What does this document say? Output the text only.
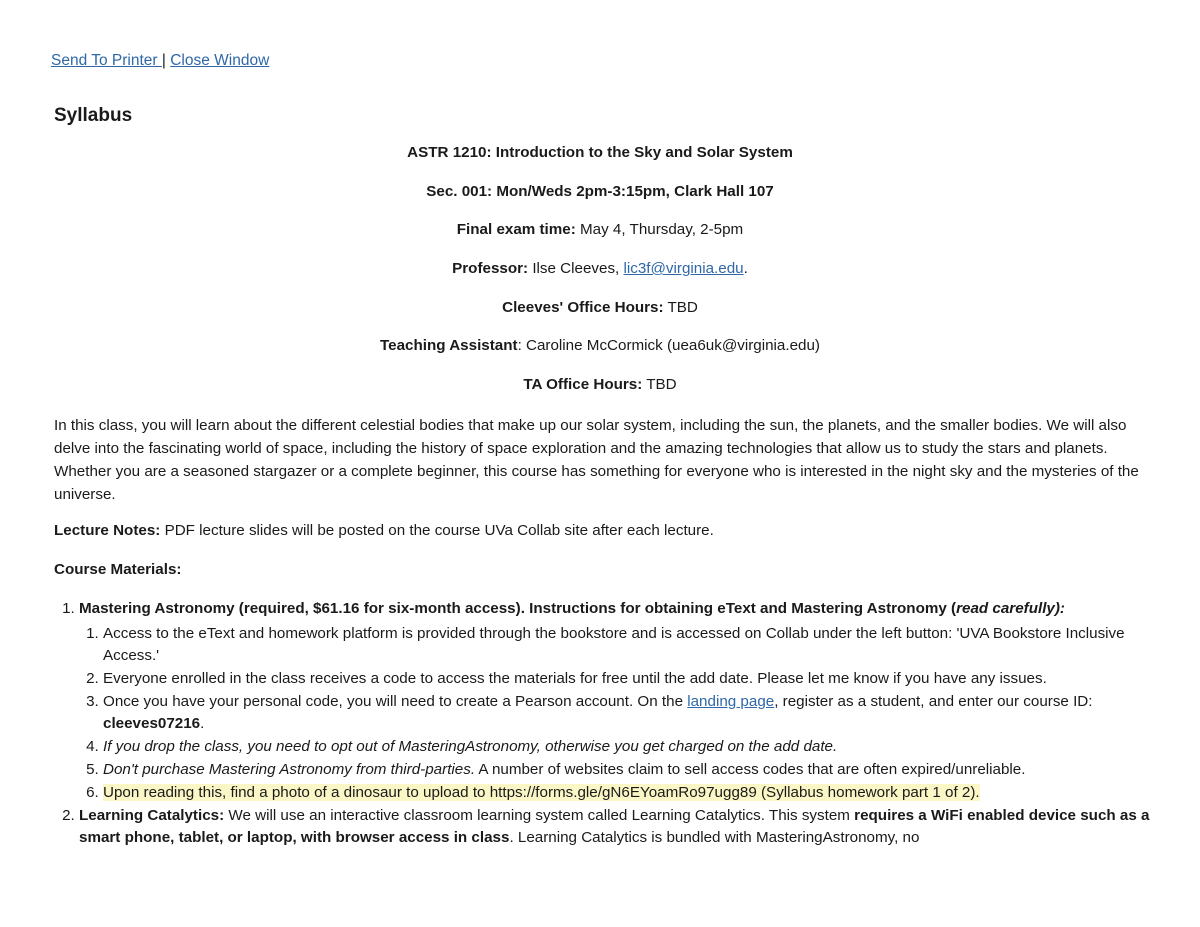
Send To Printer | Close Window
Syllabus

ASTR 1210: Introduction to the Sky and Solar System

Sec. 001: Mon/Weds 2pm-3:15pm, Clark Hall 107

Final exam time: May 4, Thursday, 2-5pm

Professor: Ilse Cleeves, lic3f@virginia.edu.

Cleeves' Office Hours: TBD

Teaching Assistant: Caroline McCormick (uea6uk@virginia.edu)

TA Office Hours: TBD

In this class, you will learn about the different celestial bodies that make up our solar system, including the sun, the planets, and the smaller bodies. We will also delve into the fascinating world of space, including the history of space exploration and the amazing technologies that allow us to study the stars and planets. Whether you are a seasoned stargazer or a complete beginner, this course has something for everyone who is interested in the night sky and the mysteries of the universe.

Lecture Notes: PDF lecture slides will be posted on the course UVa Collab site after each lecture.

Course Materials:

1. Mastering Astronomy (required, $61.16 for six-month access). Instructions for obtaining eText and Mastering Astronomy (read carefully):
1. Access to the eText and homework platform is provided through the bookstore and is accessed on Collab under the left button: 'UVA Bookstore Inclusive Access.'
2. Everyone enrolled in the class receives a code to access the materials for free until the add date. Please let me know if you have any issues.
3. Once you have your personal code, you will need to create a Pearson account. On the landing page, register as a student, and enter our course ID: cleeves07216.
4. If you drop the class, you need to opt out of MasteringAstronomy, otherwise you get charged on the add date.
5. Don't purchase Mastering Astronomy from third-parties. A number of websites claim to sell access codes that are often expired/unreliable.
6. Upon reading this, find a photo of a dinosaur to upload to https://forms.gle/gN6EYoamRo97ugg89 (Syllabus homework part 1 of 2).
2. Learning Catalytics: We will use an interactive classroom learning system called Learning Catalytics. This system requires a WiFi enabled device such as a smart phone, tablet, or laptop, with browser access in class. Learning Catalytics is bundled with MasteringAstronomy, no
